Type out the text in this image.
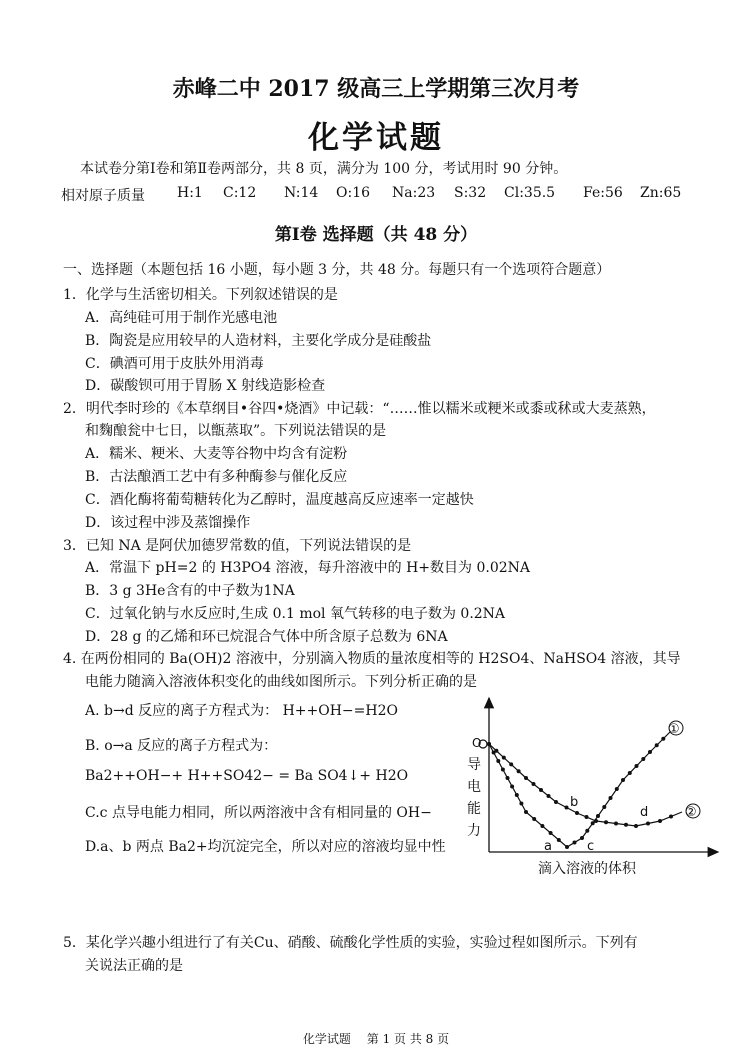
赤峰二中 2017 级高三上学期第三次月考
化学试题
本试卷分第Ⅰ卷和第Ⅱ卷两部分，共 8 页，满分为 100 分，考试用时 90 分钟。
相对原子质量 H:1 C:12 N:14 O:16 Na:23 S:32 Cl:35.5 Fe:56 Zn:65
第Ⅰ卷 选择题（共 48 分）
一、选择题（本题包括 16 小题，每小题 3 分，共 48 分。每题只有一个选项符合题意）
1．化学与生活密切相关。下列叙述错误的是
A．高纯硅可用于制作光感电池
B．陶瓷是应用较早的人造材料，主要化学成分是硅酸盐
C．碘酒可用于皮肤外用消毒
D．碳酸钡可用于胃肠 X 射线造影检查
2．明代李时珍的《本草纲目•谷四•烧酒》中记载：“……惟以糯米或粳米或黍或秫或大麦蒸熟，
和麴酿瓮中七日，以甑蒸取”。下列说法错误的是
A．糯米、粳米、大麦等谷物中均含有淀粉
B．古法酿酒工艺中有多种酶参与催化反应
C．酒化酶将葡萄糖转化为乙醇时，温度越高反应速率一定越快
D．该过程中涉及蒸馏操作
3．已知 NA 是阿伏加德罗常数的值，下列说法错误的是
A．常温下 pH=2 的 H3PO4 溶液，每升溶液中的 H+数目为 0.02NA
B．3 g 3He含有的中子数为1NA
C．过氧化钠与水反应时,生成 0.1 mol 氧气转移的电子数为 0.2NA
D．28 g 的乙烯和环已烷混合气体中所含原子总数为 6NA
4. 在两份相同的 Ba(OH)2 溶液中，分别滴入物质的量浓度相等的 H2SO4、NaHSO4 溶液，其导
电能力随滴入溶液体积变化的曲线如图所示。下列分析正确的是
A. b→d 反应的离子方程式为： H++OH−=H2O
B. o→a 反应的离子方程式为：
Ba2++OH−+ H++SO42− = Ba SO4↓+ H2O
C.c 点导电能力相同，所以两溶液中含有相同量的 OH−
D.a、b 两点 Ba2+均沉淀完全，所以对应的溶液均显中性
O
导
电
能
力
滴入溶液的体积
a
b
c
d
①
②
5．某化学兴趣小组进行了有关Cu、硝酸、硫酸化学性质的实验，实验过程如图所示。下列有
关说法正确的是
化学试题 第 1 页 共 8 页
